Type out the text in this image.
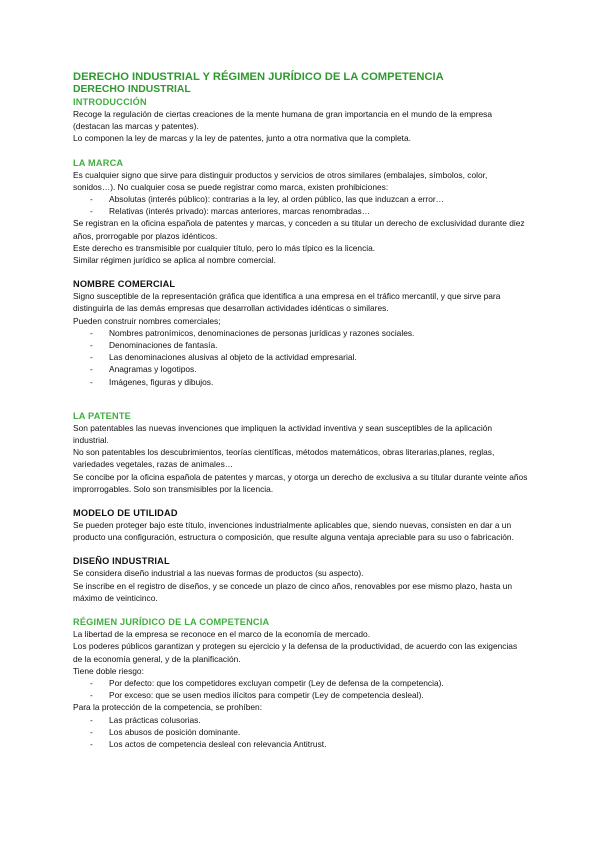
DERECHO INDUSTRIAL Y RÉGIMEN JURÍDICO DE LA COMPETENCIA
DERECHO INDUSTRIAL
INTRODUCCIÓN

Recoge la regulación de ciertas creaciones de la mente humana de gran importancia en el mundo de la empresa (destacan las marcas y patentes).

Lo componen la ley de marcas y la ley de patentes, junto a otra normativa que la completa.

LA MARCA

Es cualquier signo que sirve para distinguir productos y servicios de otros similares (embalajes, símbolos, color, sonidos…). No cualquier cosa se puede registrar como marca, existen prohibiciones:

- Absolutas (interés público): contrarias a la ley, al orden público, las que induzcan a error…
- Relativas (interés privado): marcas anteriores, marcas renombradas…

Se registran en la oficina española de patentes y marcas, y conceden a su titular un derecho de exclusividad durante diez años, prorrogable por plazos idénticos.

Este derecho es transmisible por cualquier título, pero lo más típico es la licencia.

Similar régimen jurídico se aplica al nombre comercial.

NOMBRE COMERCIAL

Signo susceptible de la representación gráfica que identifica a una empresa en el tráfico mercantil, y que sirve para distinguirla de las demás empresas que desarrollan actividades idénticas o similares.

Pueden construir nombres comerciales;

- Nombres patronímicos, denominaciones de personas jurídicas y razones sociales.
- Denominaciones de fantasía.
- Las denominaciones alusivas al objeto de la actividad empresarial.
- Anagramas y logotipos.
- Imágenes, figuras y dibujos.
LA PATENTE

Son patentables las nuevas invenciones que impliquen la actividad inventiva y sean susceptibles de la aplicación industrial.

No son patentables los descubrimientos, teorías científicas, métodos matemáticos, obras literarias,planes, reglas, variedades vegetales, razas de animales…

Se concibe por la oficina española de patentes y marcas, y otorga un derecho de exclusiva a su titular durante veinte años improrrogables. Solo son transmisibles por la licencia.

MODELO DE UTILIDAD

Se pueden proteger bajo este título, invenciones industrialmente aplicables que, siendo nuevas, consisten en dar a un producto una configuración, estructura o composición, que resulte alguna ventaja apreciable para su uso o fabricación.

DISEÑO INDUSTRIAL

Se considera diseño industrial a las nuevas formas de productos (su aspecto).

Se inscribe en el registro de diseños, y se concede un plazo de cinco años, renovables por ese mismo plazo, hasta un máximo de veinticinco.

RÉGIMEN JURÍDICO DE LA COMPETENCIA

La libertad de la empresa se reconoce en el marco de la economía de mercado.

Los poderes públicos garantizan y protegen su ejercicio y la defensa de la productividad, de acuerdo con las exigencias de la economía general, y de la planificación.

Tiene doble riesgo:

- Por defecto: que los competidores excluyan competir (Ley de defensa de la competencia).
- Por exceso: que se usen medios ilícitos para competir (Ley de competencia desleal).

Para la protección de la competencia, se prohíben:

- Las prácticas colusorias.
- Los abusos de posición dominante.
- Los actos de competencia desleal con relevancia Antitrust.
